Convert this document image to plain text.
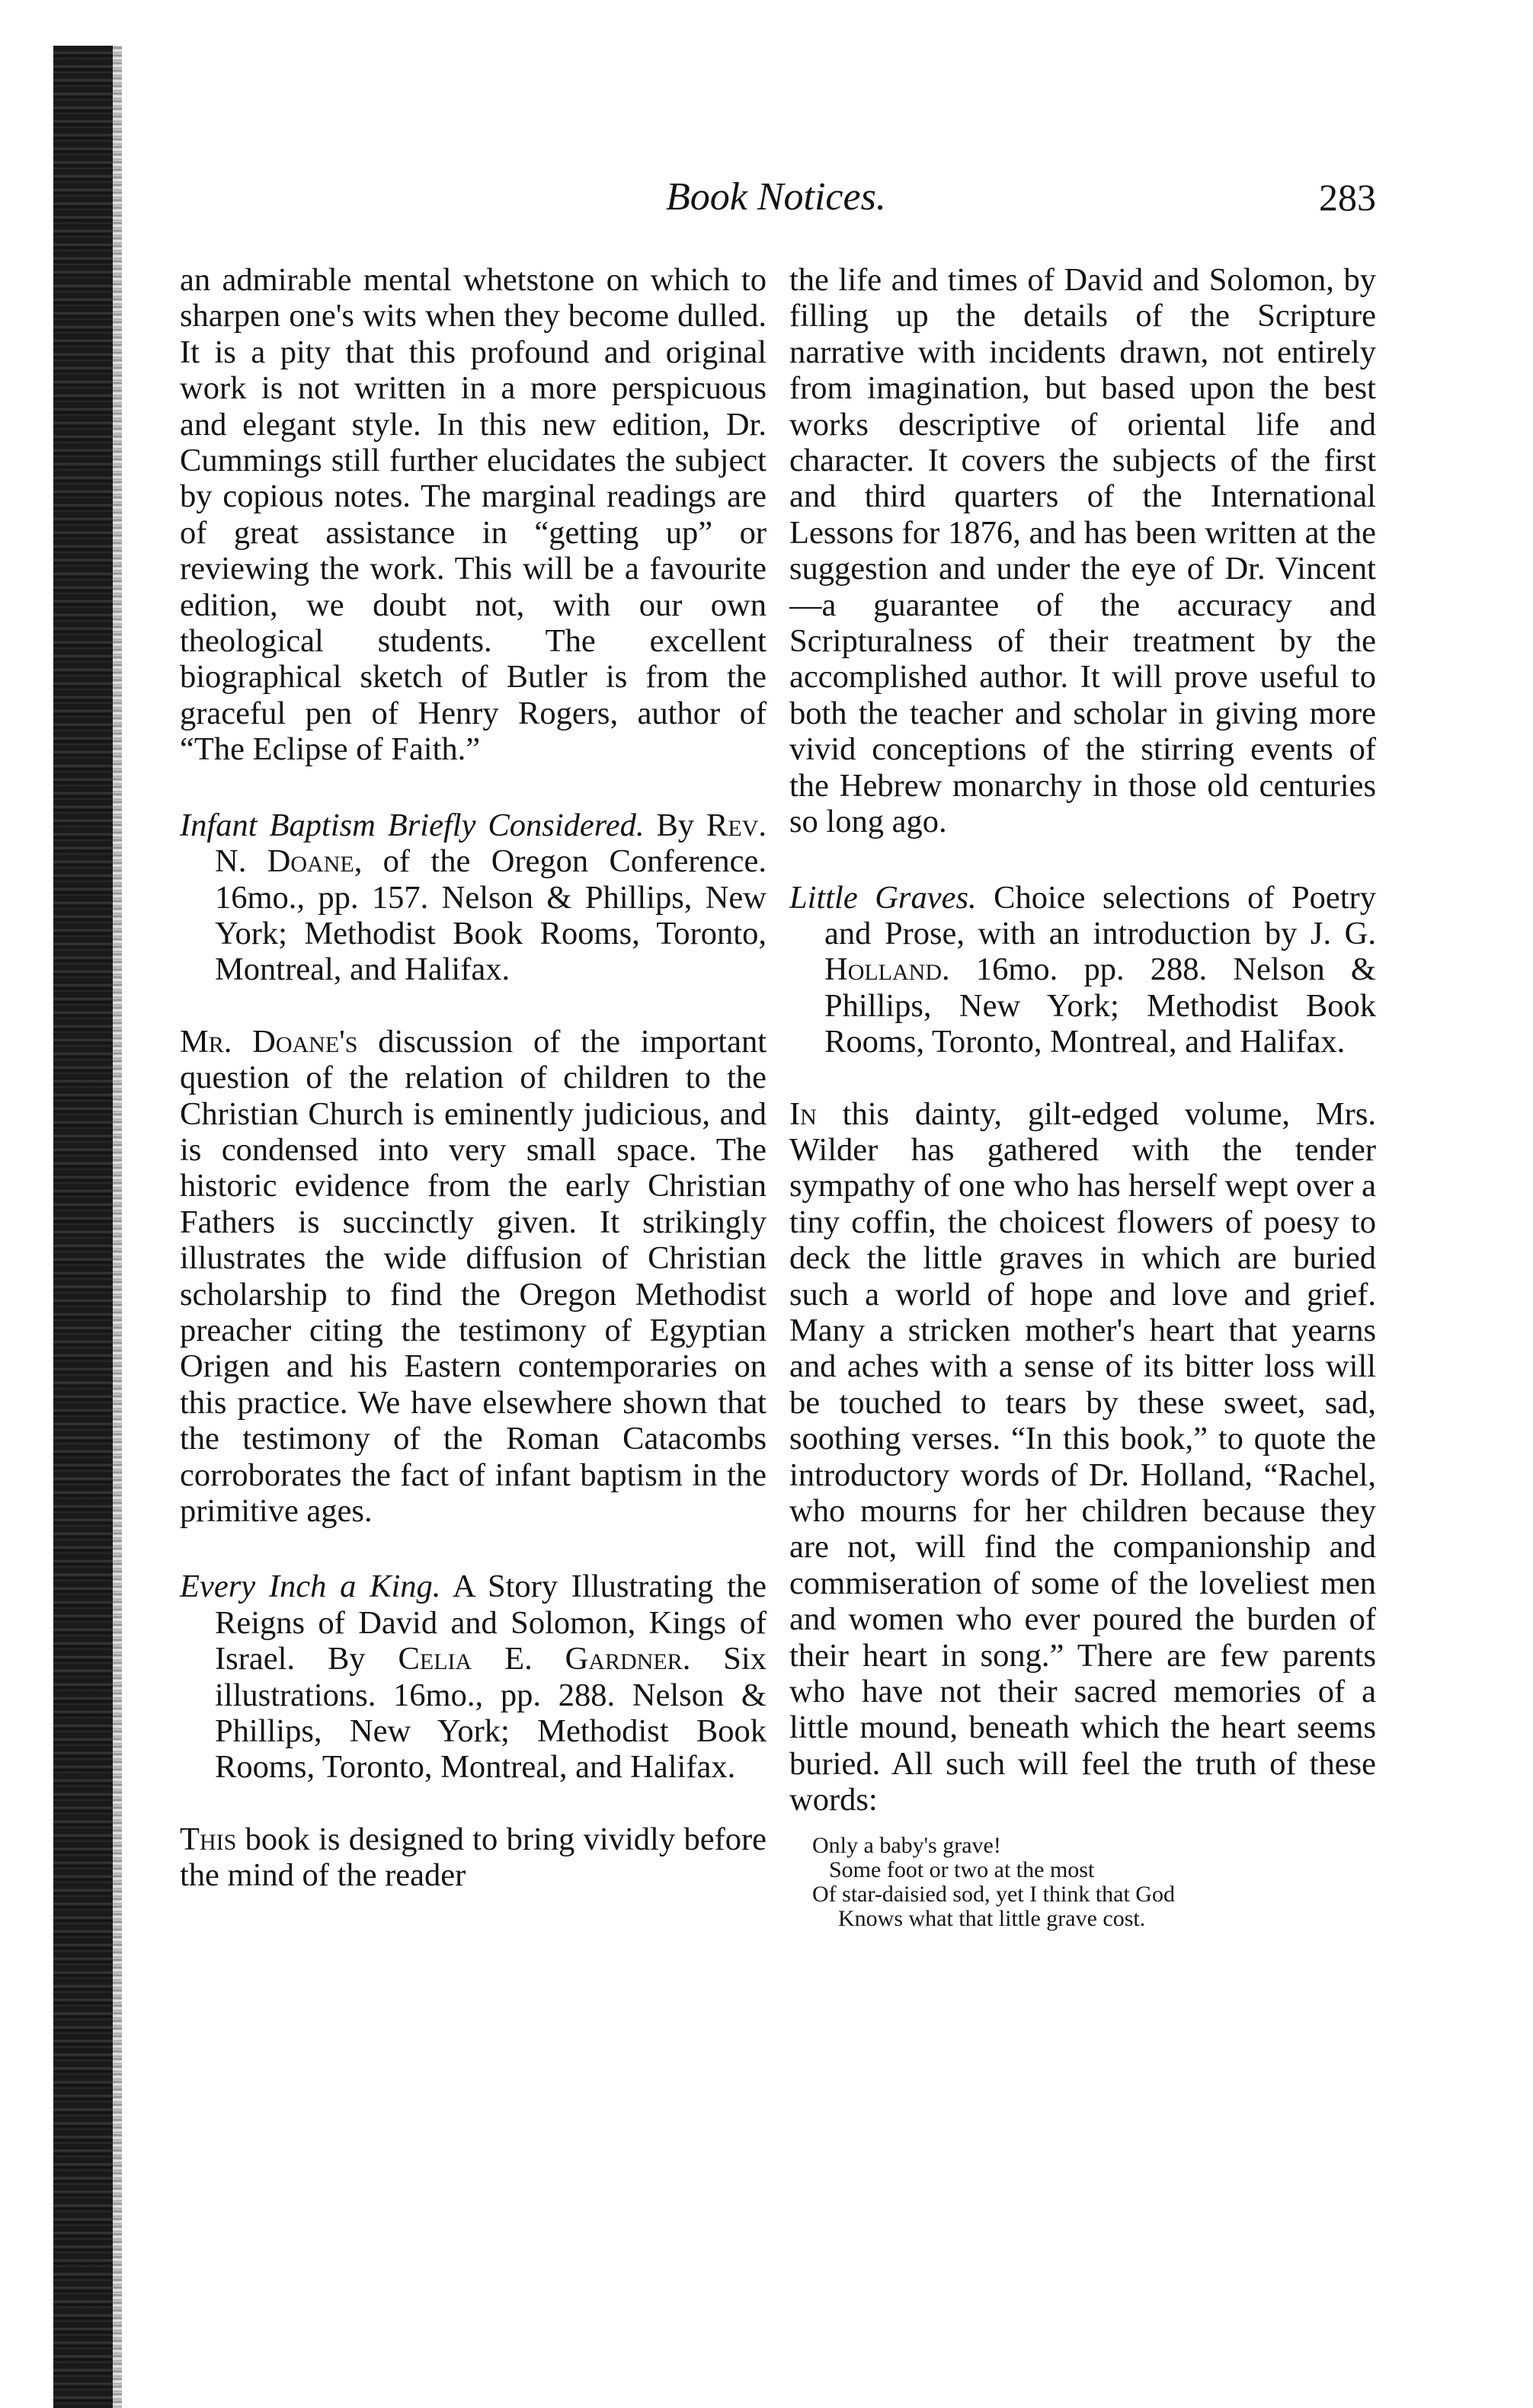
Book Notices.	283

an admirable mental whetstone on which to sharpen one's wits when they become dulled. It is a pity that this profound and original work is not written in a more perspicuous and elegant style. In this new edition, Dr. Cummings still further elucidates the subject by copious notes. The marginal readings are of great assistance in “getting up” or reviewing the work. This will be a favourite edition, we doubt not, with our own theological students. The excellent biographical sketch of Butler is from the graceful pen of Henry Rogers, author of “The Eclipse of Faith.”

Infant Baptism Briefly Considered. By Rev. N. Doane, of the Oregon Conference. 16mo., pp. 157. Nelson & Phillips, New York; Methodist Book Rooms, Toronto, Montreal, and Halifax.

Mr. Doane's discussion of the important question of the relation of children to the Christian Church is eminently judicious, and is condensed into very small space. The historic evidence from the early Christian Fathers is succinctly given. It strikingly illustrates the wide diffusion of Christian scholarship to find the Oregon Methodist preacher citing the testimony of Egyptian Origen and his Eastern contemporaries on this practice. We have elsewhere shown that the testimony of the Roman Catacombs corroborates the fact of infant baptism in the primitive ages.

Every Inch a King. A Story Illustrating the Reigns of David and Solomon, Kings of Israel. By Celia E. Gardner. Six illustrations. 16mo., pp. 288. Nelson & Phillips, New York; Methodist Book Rooms, Toronto, Montreal, and Halifax.

This book is designed to bring vividly before the mind of the reader

the life and times of David and Solomon, by filling up the details of the Scripture narrative with incidents drawn, not entirely from imagination, but based upon the best works descriptive of oriental life and character. It covers the subjects of the first and third quarters of the International Lessons for 1876, and has been written at the suggestion and under the eye of Dr. Vincent—a guarantee of the accuracy and Scripturalness of their treatment by the accomplished author. It will prove useful to both the teacher and scholar in giving more vivid conceptions of the stirring events of the Hebrew monarchy in those old centuries so long ago.

Little Graves. Choice selections of Poetry and Prose, with an introduction by J. G. Holland. 16mo. pp. 288. Nelson & Phillips, New York; Methodist Book Rooms, Toronto, Montreal, and Halifax.

In this dainty, gilt-edged volume, Mrs. Wilder has gathered with the tender sympathy of one who has herself wept over a tiny coffin, the choicest flowers of poesy to deck the little graves in which are buried such a world of hope and love and grief. Many a stricken mother's heart that yearns and aches with a sense of its bitter loss will be touched to tears by these sweet, sad, soothing verses. “In this book,” to quote the introductory words of Dr. Holland, “Rachel, who mourns for her children because they are not, will find the companionship and commiseration of some of the loveliest men and women who ever poured the burden of their heart in song.” There are few parents who have not their sacred memories of a little mound, beneath which the heart seems buried. All such will feel the truth of these words:

Only a baby's grave!
Some foot or two at the most
Of star-daisied sod, yet I think that God
Knows what that little grave cost.
